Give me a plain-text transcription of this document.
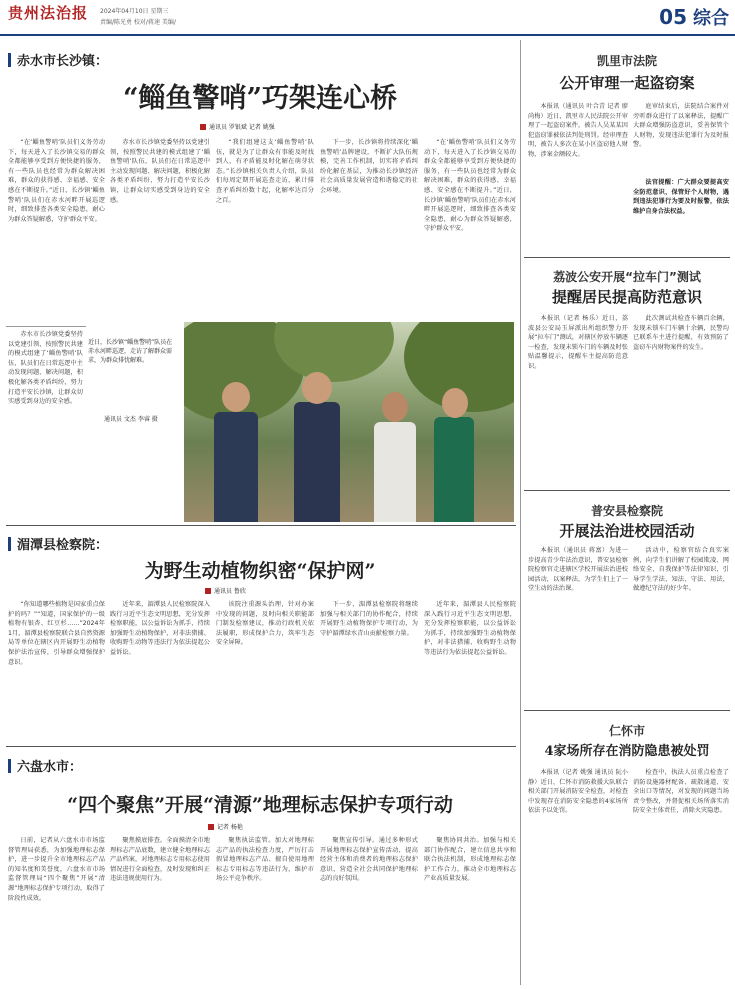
贵州法治报 2024年04月10日 星期三
责编/陈光勇 校对/蒋速 美编/	05 综合
赤水市长沙镇：
“鲻鱼警哨”巧架连心桥
通讯员 罗银斌 记者 姚强

“在‘鲻鱼警哨’队员们义务劳动下，每天进入了长沙镇交易的群众全都能够享受到方便快捷的服务，有一些队员也经常为群众解决困难，群众的获得感、幸福感、安全感在不断提升。”近日，长沙镇‘鲻鱼警哨’队员们在赤水河畔开展巡逻时，细致排查各类安全隐患，耐心为群众答疑解惑，守护群众平安。

赤水市长沙镇党委坚持以党建引领，按照警民共建的模式组建了‘鲻鱼警哨’队伍，队员们在日常巡逻中主动发现问题、解决问题，积极化解各类矛盾纠纷，努力打造平安长沙镇，让群众切实感受到身边的安全感。

“我们组建这支‘鲻鱼警哨’队伍，就是为了让群众有事能及时找到人，有矛盾能及时化解在萌芽状态。”长沙镇相关负责人介绍，队员们每周定期开展巡查走访，累计排查矛盾纠纷数十起，化解率达百分之百。

下一步，长沙镇将持续深化‘鲻鱼警哨’品牌建设，不断扩大队伍规模，完善工作机制，切实将矛盾纠纷化解在基层，为推动长沙镇经济社会高质量发展营造和谐稳定的社会环境。

“在‘鲻鱼警哨’队员们义务劳动下，每天进入了长沙镇交易的群众全都能够享受到方便快捷的服务，有一些队员也经常为群众解决困难，群众的获得感、幸福感、安全感在不断提升。”近日，长沙镇‘鲻鱼警哨’队员们在赤水河畔开展巡逻时，细致排查各类安全隐患，耐心为群众答疑解惑，守护群众平安。

赤水市长沙镇党委坚持以党建引领，按照警民共建的模式组建了‘鲻鱼警哨’队伍，队员们在日常巡逻中主动发现问题、解决问题，积极化解各类矛盾纠纷，努力打造平安长沙镇，让群众切实感受到身边的安全感。

近日，长沙镇“鲻鱼警哨”队员在赤水河畔巡逻，走访了解群众需求，为群众排忧解难。
通讯员 文杰 李睿 摄
湄潭县检察院：
为野生动植物织密“保护网”
通讯员 鲁欣

“你知道哪些植物是国家重点保护的吗？”“知道，国家保护的一级植物有银杏、红豆杉……”2024年1月，湄潭县检察院联合县自然资源局等单位在辖区内开展野生动植物保护法治宣传，引导群众增强保护意识。

近年来，湄潭县人民检察院深入践行习近平生态文明思想，充分发挥检察职能，以公益诉讼为抓手，持续加强野生动植物保护，对非法猎捕、收购野生动物等违法行为依法提起公益诉讼。

该院注重源头治理，针对办案中发现的问题，及时向相关职能部门制发检察建议，推动行政机关依法履职，形成保护合力，筑牢生态安全屏障。

下一步，湄潭县检察院将继续加强与相关部门的协作配合，持续开展野生动植物保护专项行动，为守护湄潭绿水青山贡献检察力量。

近年来，湄潭县人民检察院深入践行习近平生态文明思想，充分发挥检察职能，以公益诉讼为抓手，持续加强野生动植物保护，对非法猎捕、收购野生动物等违法行为依法提起公益诉讼。

六盘水市：
“四个聚焦”开展“清源”地理标志保护专项行动
记者 杨艳

日前，记者从六盘水市市场监督管理局获悉，为加强地理标志保护，进一步提升全市地理标志产品的知名度和美誉度，六盘水市市场监督管理局“四个聚焦”开展“清源”地理标志保护专项行动，取得了阶段性成效。

聚焦摸底排查。全面摸清全市地理标志产品底数，建立健全地理标志产品档案，对地理标志专用标志使用情况进行全面检查，及时发现和纠正违法违规使用行为。

聚焦执法监管。加大对地理标志产品的执法检查力度，严厉打击假冒地理标志产品、擅自使用地理标志专用标志等违法行为，维护市场公平竞争秩序。

聚焦宣传引导。通过多种形式开展地理标志保护宣传活动，提高经营主体和消费者的地理标志保护意识，营造全社会共同保护地理标志的良好氛围。

聚焦协同共治。加强与相关部门协作配合，建立信息共享和联合执法机制，形成地理标志保护工作合力，推动全市地理标志产业高质量发展。

凯里市法院
公开审理一起盗窃案

本报讯（通讯员 叶合青 记者 廖尚梅）近日，凯里市人民法院公开审理了一起盗窃案件，被告人吴某某因犯盗窃罪被依法判处刑罚。经审理查明，被告人多次在某小区盗窃他人财物，涉案金额较大。

庭审结束后，法院结合案件对旁听群众进行了以案释法，提醒广大群众增强防盗意识，妥善保管个人财物，发现违法犯罪行为及时报警。

法官提醒：广大群众要提高安全防范意识，保管好个人财物，遇到违法犯罪行为要及时报警，依法维护自身合法权益。

荔波公安开展“拉车门”测试
提醒居民提高防范意识

本报讯（记者 杨乐）近日，荔波县公安局玉屏派出所组织警力开展“拉车门”测试，对辖区停放车辆逐一检查，发现未锁车门的车辆及时张贴温馨提示，提醒车主提高防范意识。

此次测试共检查车辆百余辆，发现未锁车门车辆十余辆，民警均已联系车主进行提醒，有效预防了盗窃车内财物案件的发生。

普安县检察院
开展法治进校园活动

本报讯（通讯员 蒋富）为进一步提高青少年法治意识，普安县检察院检察官走进辖区学校开展法治进校园活动，以案释法，为学生们上了一堂生动的法治课。

活动中，检察官结合真实案例，向学生们讲解了校园欺凌、网络安全、自我保护等法律知识，引导学生学法、知法、守法、用法，做遵纪守法的好少年。

仁怀市
4家场所存在消防隐患被处罚

本报讯（记者 姚强 通讯员 阮小静）近日，仁怀市消防救援大队联合相关部门开展消防安全检查，对检查中发现存在消防安全隐患的4家场所依法予以处罚。

检查中，执法人员重点检查了消防设施器材配备、疏散通道、安全出口等情况，对发现的问题当场责令整改，并督促相关场所落实消防安全主体责任，消除火灾隐患。
